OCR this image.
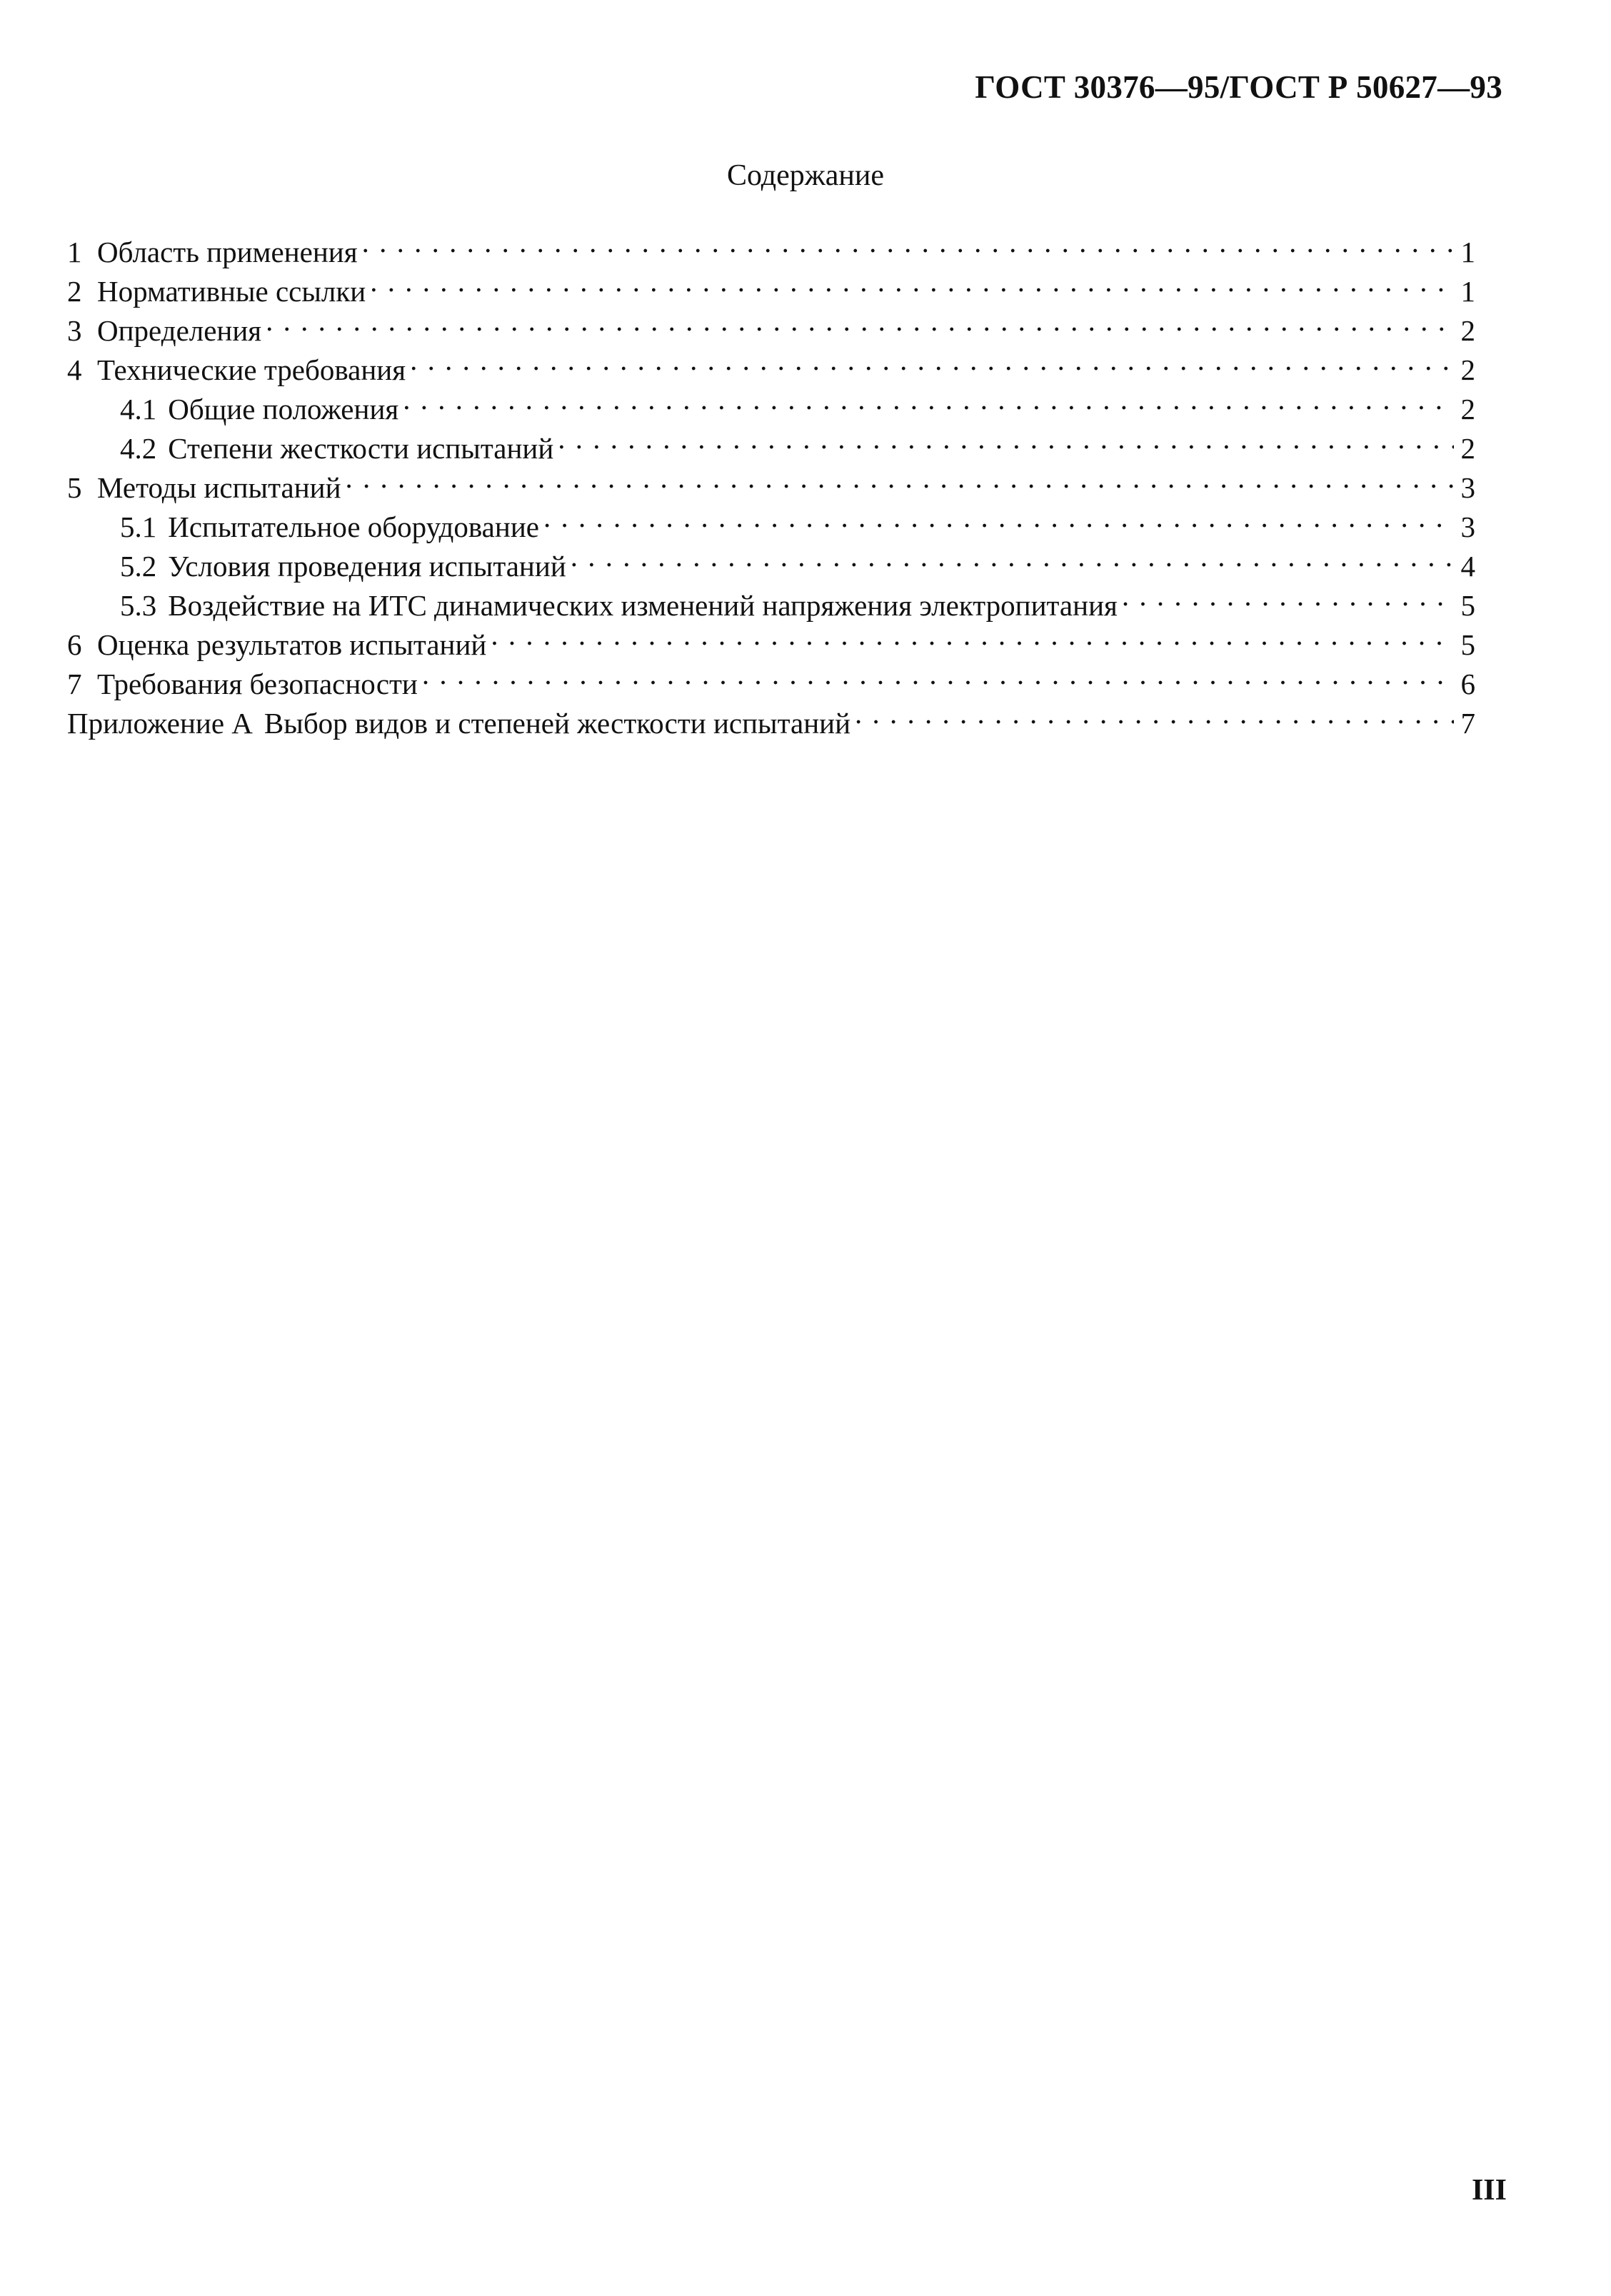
ГОСТ 30376—95/ГОСТ Р 50627—93
Содержание
1 Область применения . . .	1
2 Нормативные ссылки . . .	1
3 Определения . . .	2
4 Технические требования . . .	2
4.1 Общие положения . . .	2
4.2 Степени жесткости испытаний . . .	2
5 Методы испытаний . . .	3
5.1 Испытательное оборудование . . .	3
5.2 Условия проведения испытаний . . .	4
5.3 Воздействие на ИТС динамических изменений напряжения электропитания . . .	5
6 Оценка результатов испытаний . . .	5
7 Требования безопасности . . .	6
Приложение А Выбор видов и степеней жесткости испытаний . . .	7
III
